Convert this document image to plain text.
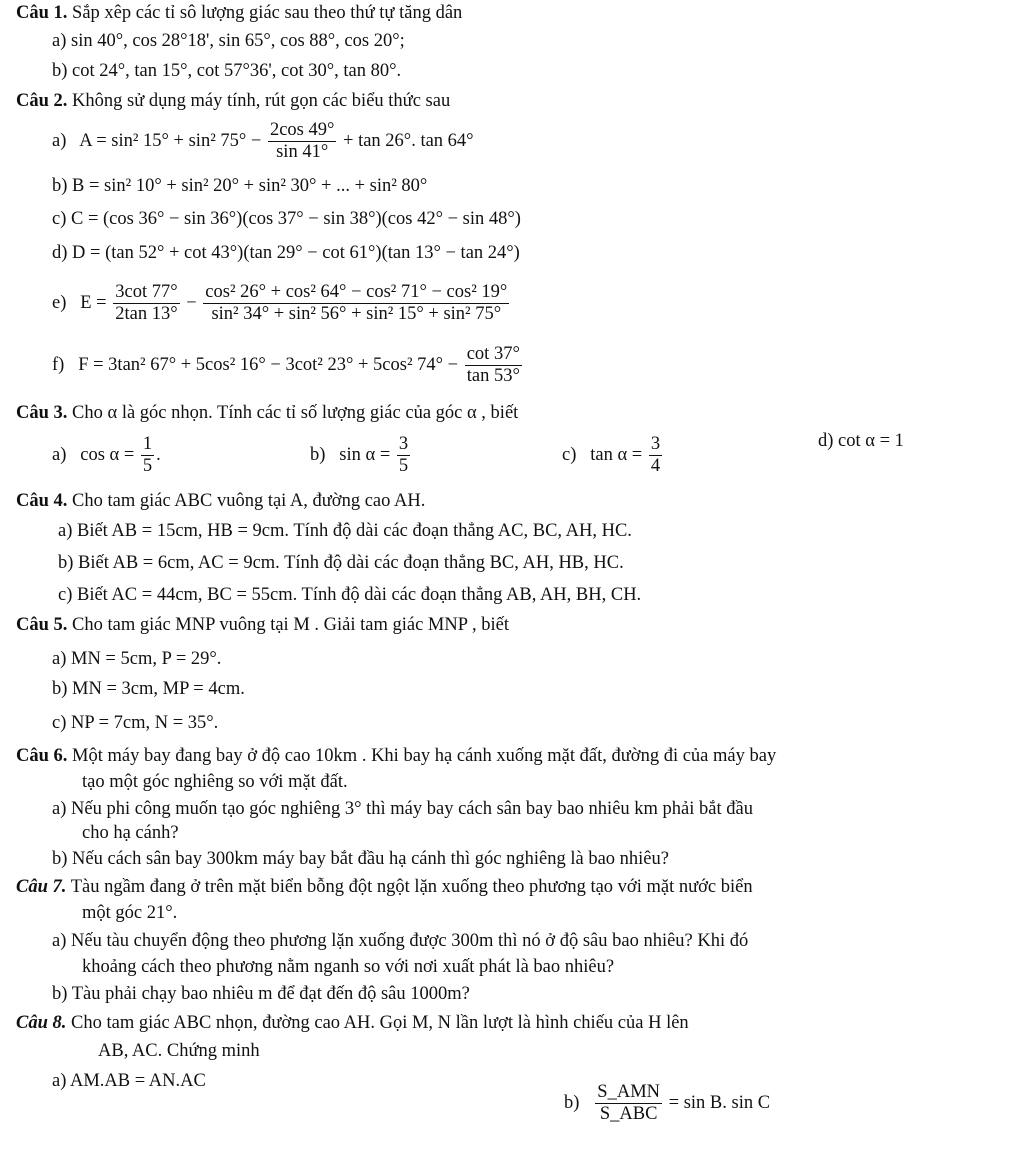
Câu 1. Sắp xêp các tỉ sô lượng giác sau theo thứ tự tăng dân
a) sin 40°, cos 28°18', sin 65°, cos 88°, cos 20°;
b) cot 24°, tan 15°, cot 57°36', cot 30°, tan 80°.
Câu 2. Không sử dụng máy tính, rút gọn các biểu thức sau
a) A = sin² 15° + sin² $75^\circ - \frac{2\cos 49^\circ}{\sin 41^\circ} + \tan 26^\circ$. tan 64°
b) B = sin² 10° + sin² 20° + sin² 30° + ... + sin² 80°
c) C = (cos 36° − sin 36°)(cos 37° − sin 38°)(cos 42° − sin 48°)
d) D = (tan 52° + cot 43°)(tan 29° − cot 61°)(tan 13° − tan 24°)
e) $E = \frac{3\cot 77^\circ}{2\tan 13^\circ} - \frac{\text{cos² 26° + cos² 64° − cos² 71° − cos² 19°}}{\text{sin² 34° + sin² 56° + sin² 15° + sin² 75°}}$
f) F = 3tan² 67° + 5cos² 16° − 3cot² 23° + 5cos² $74^\circ - \frac{\cot 37^\circ}{\tan 53^\circ}$
Câu 3. Cho α là góc nhọn. Tính các tỉ số lượng giác của góc α , biết
a) $\cos \alpha = \frac{1}{5}$ .	b) $\sin \alpha = \frac{3}{5}$	c) $\tan \alpha = \frac{3}{4}$	d) cot α = 1
Câu 4. Cho tam giác ABC vuông tại A, đường cao AH.
a) Biết AB = 15cm, HB = 9cm. Tính độ dài các đoạn thẳng AC, BC, AH, HC.
b) Biết AB = 6cm, AC = 9cm. Tính độ dài các đoạn thẳng BC, AH, HB, HC.
c) Biết AC = 44cm, BC = 55cm. Tính độ dài các đoạn thẳng AB, AH, BH, CH.
Câu 5. Cho tam giác MNP vuông tại M . Giải tam giác MNP , biết
a) MN = 5cm, P = 29°.
b) MN = 3cm, MP = 4cm.
c) NP = 7cm, N = 35°.
Câu 6. Một máy bay đang bay ở độ cao 10km . Khi bay hạ cánh xuống mặt đất, đường đi của máy bay
tạo một góc nghiêng so với mặt đất.
a) Nếu phi công muốn tạo góc nghiêng 3° thì máy bay cách sân bay bao nhiêu km phải bắt đầu
cho hạ cánh?
b) Nếu cách sân bay 300km máy bay bắt đầu hạ cánh thì góc nghiêng là bao nhiêu?
Câu 7. Tàu ngầm đang ở trên mặt biển bỗng đột ngột lặn xuống theo phương tạo với mặt nước biển
một góc 21°.
a) Nếu tàu chuyển động theo phương lặn xuống được 300m thì nó ở độ sâu bao nhiêu? Khi đó
khoảng cách theo phương nằm nganh so với nơi xuất phát là bao nhiêu?
b) Tàu phải chạy bao nhiêu m để đạt đến độ sâu 1000m?
Câu 8. Cho tam giác ABC nhọn, đường cao AH. Gọi M, N lần lượt là hình chiếu của H lên
AB, AC. Chứng minh
a) AM.AB = AN.AC
$b) \frac{\text{S\_AMN}}{\text{S\_ABC}} = \sin B$. sin C
